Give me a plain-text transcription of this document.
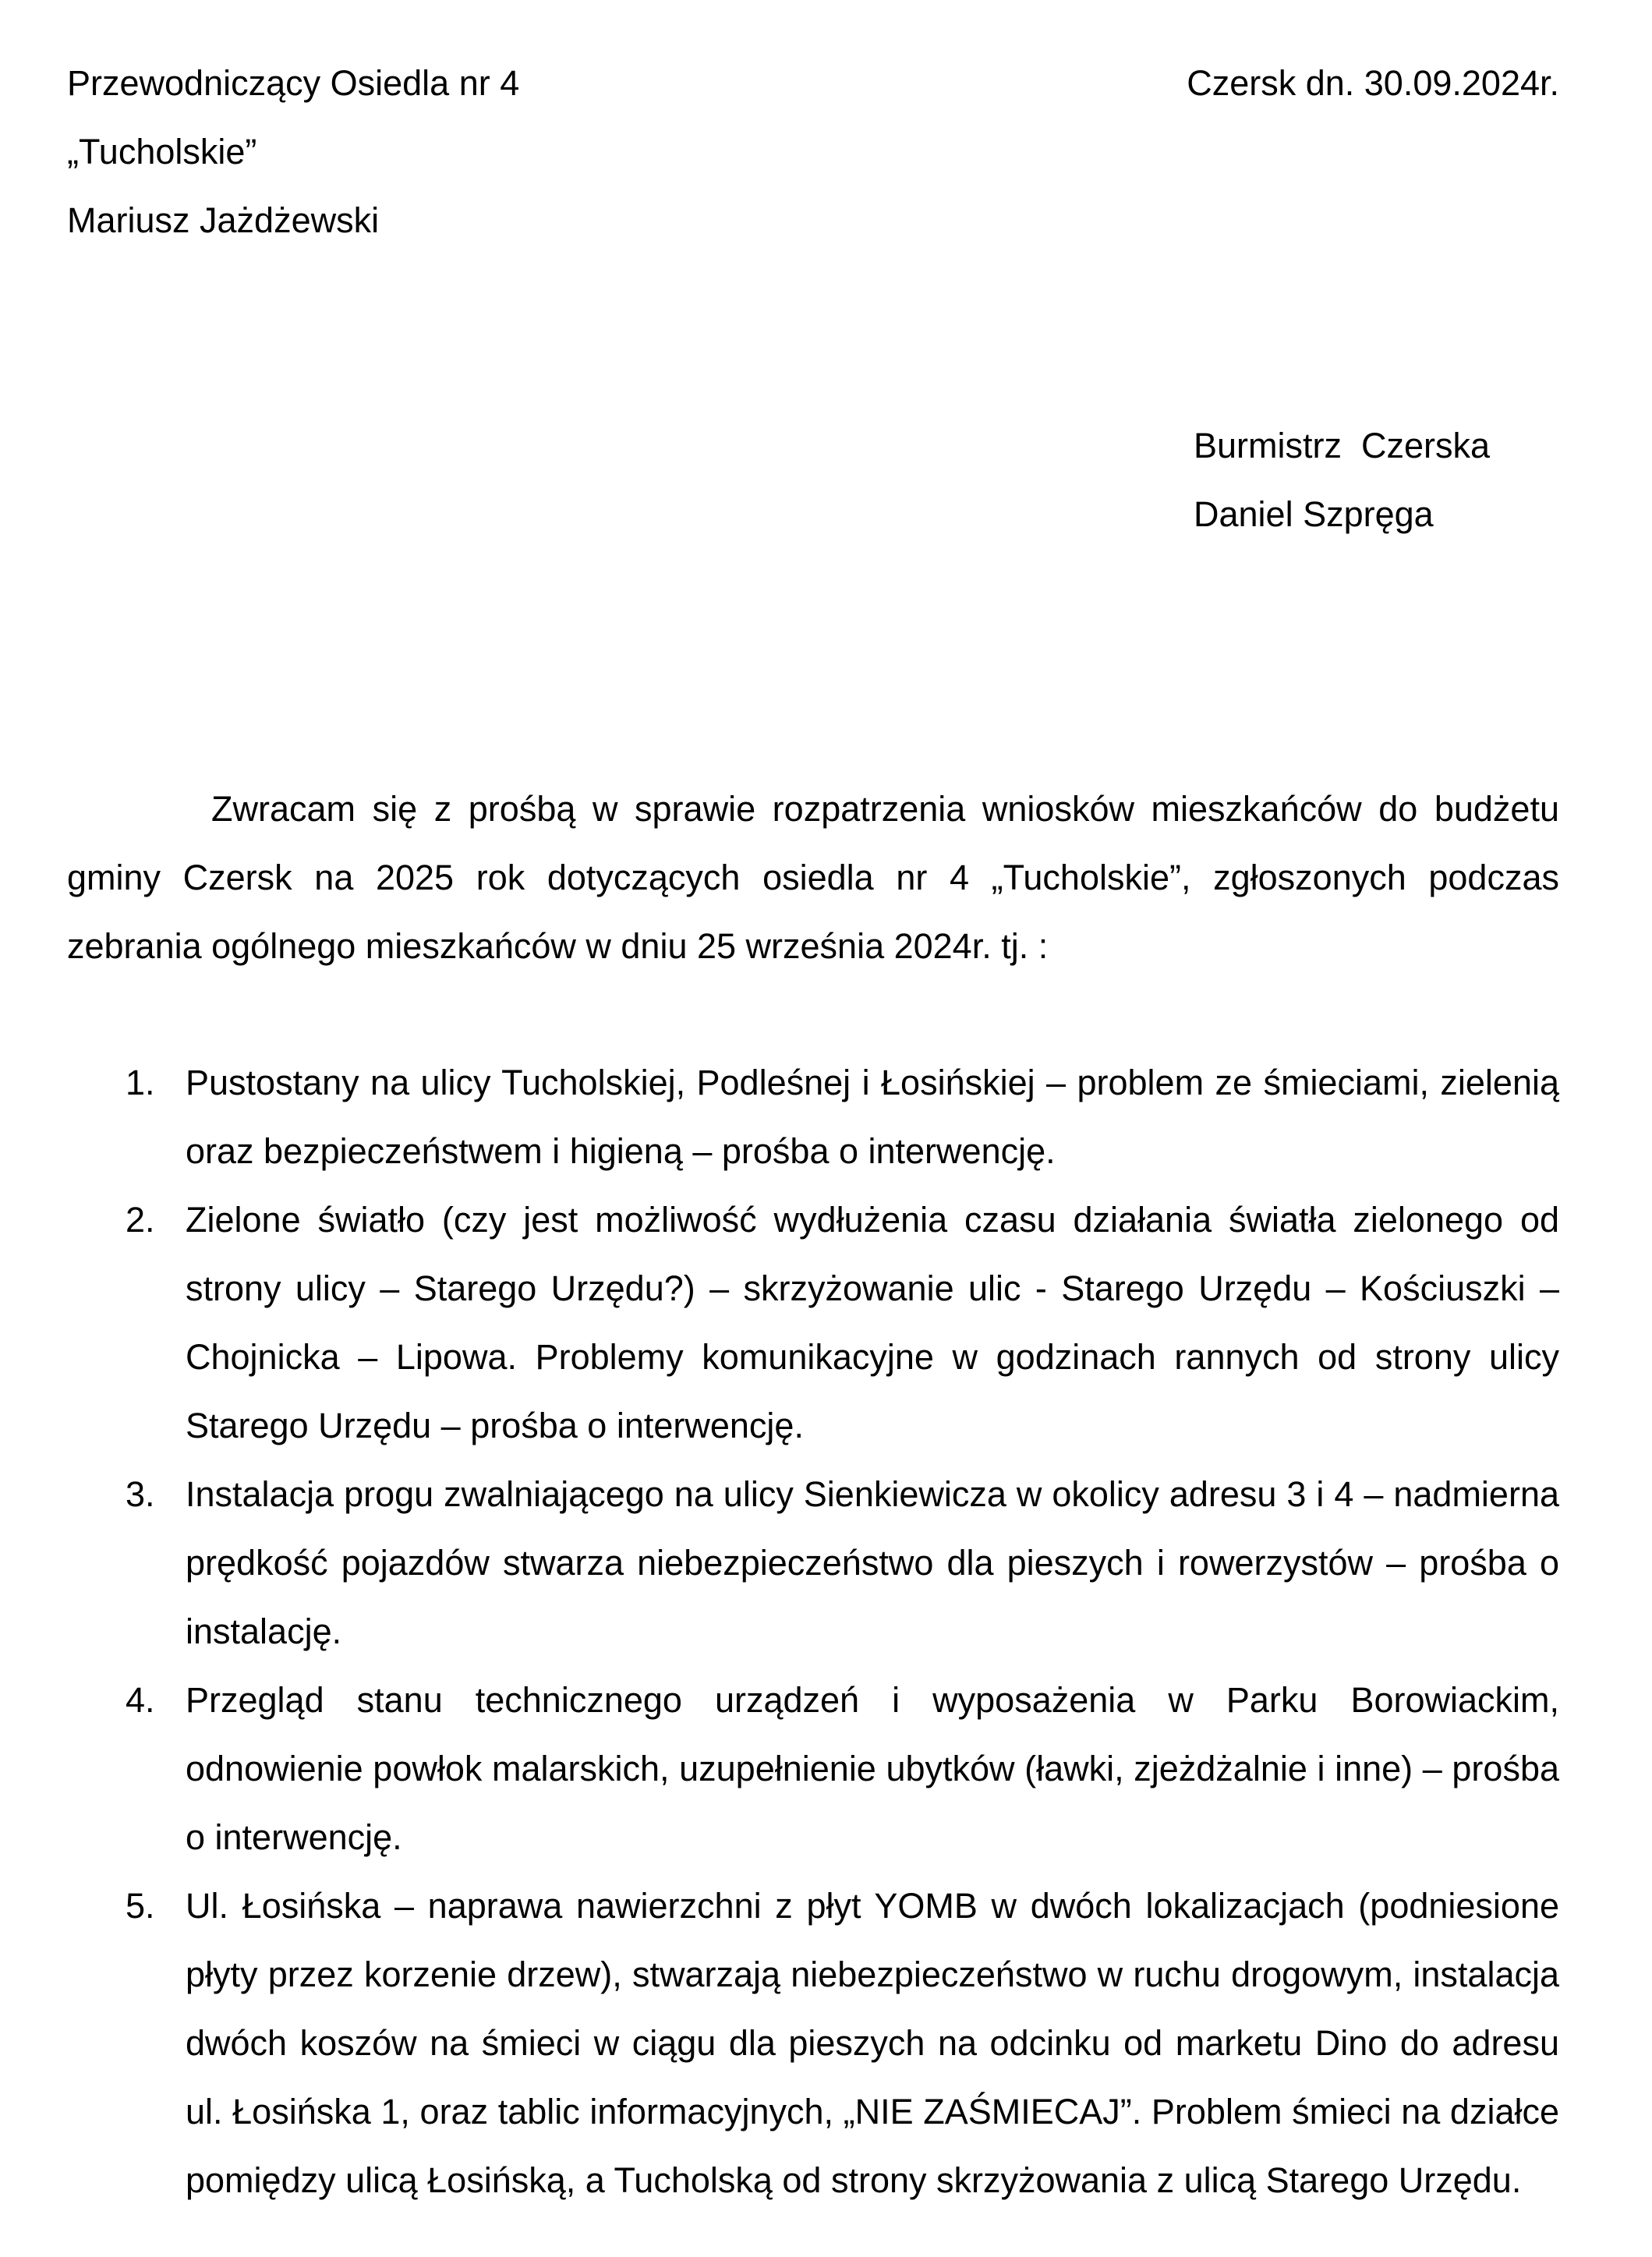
Przewodniczący Osiedla nr 4
„Tucholskie”
Mariusz Jażdżewski
Czersk dn. 30.09.2024r.
Burmistrz  Czerska
Daniel Szpręga

Zwracam się z prośbą w sprawie rozpatrzenia wniosków mieszkańców do budżetu gminy Czersk na 2025 rok dotyczących osiedla nr 4 „Tucholskie”, zgłoszonych podczas zebrania ogólnego mieszkańców w dniu 25 września 2024r. tj. :

1. Pustostany na ulicy Tucholskiej, Podleśnej i Łosińskiej – problem ze śmieciami, zielenią oraz bezpieczeństwem i higieną – prośba o interwencję.
2. Zielone światło (czy jest możliwość wydłużenia czasu działania światła zielonego od strony ulicy – Starego Urzędu?) – skrzyżowanie ulic - Starego Urzędu – Kościuszki – Chojnicka – Lipowa. Problemy komunikacyjne w godzinach rannych od strony ulicy Starego Urzędu – prośba o interwencję.
3. Instalacja progu zwalniającego na ulicy Sienkiewicza w okolicy adresu 3 i 4 – nadmierna prędkość pojazdów stwarza niebezpieczeństwo dla pieszych i rowerzystów – prośba o instalację.
4. Przegląd stanu technicznego urządzeń i wyposażenia w Parku Borowiackim, odnowienie powłok malarskich, uzupełnienie ubytków (ławki, zjeżdżalnie i inne) – prośba o interwencję.
5. Ul. Łosińska – naprawa nawierzchni z płyt YOMB w dwóch lokalizacjach (podniesione płyty przez korzenie drzew), stwarzają niebezpieczeństwo w ruchu drogowym, instalacja dwóch koszów na śmieci w ciągu dla pieszych na odcinku od marketu Dino do adresu ul. Łosińska 1, oraz tablic informacyjnych, „NIE ZAŚMIECAJ”. Problem śmieci na działce pomiędzy ulicą Łosińską, a Tucholską od strony skrzyżowania z ulicą Starego Urzędu.
